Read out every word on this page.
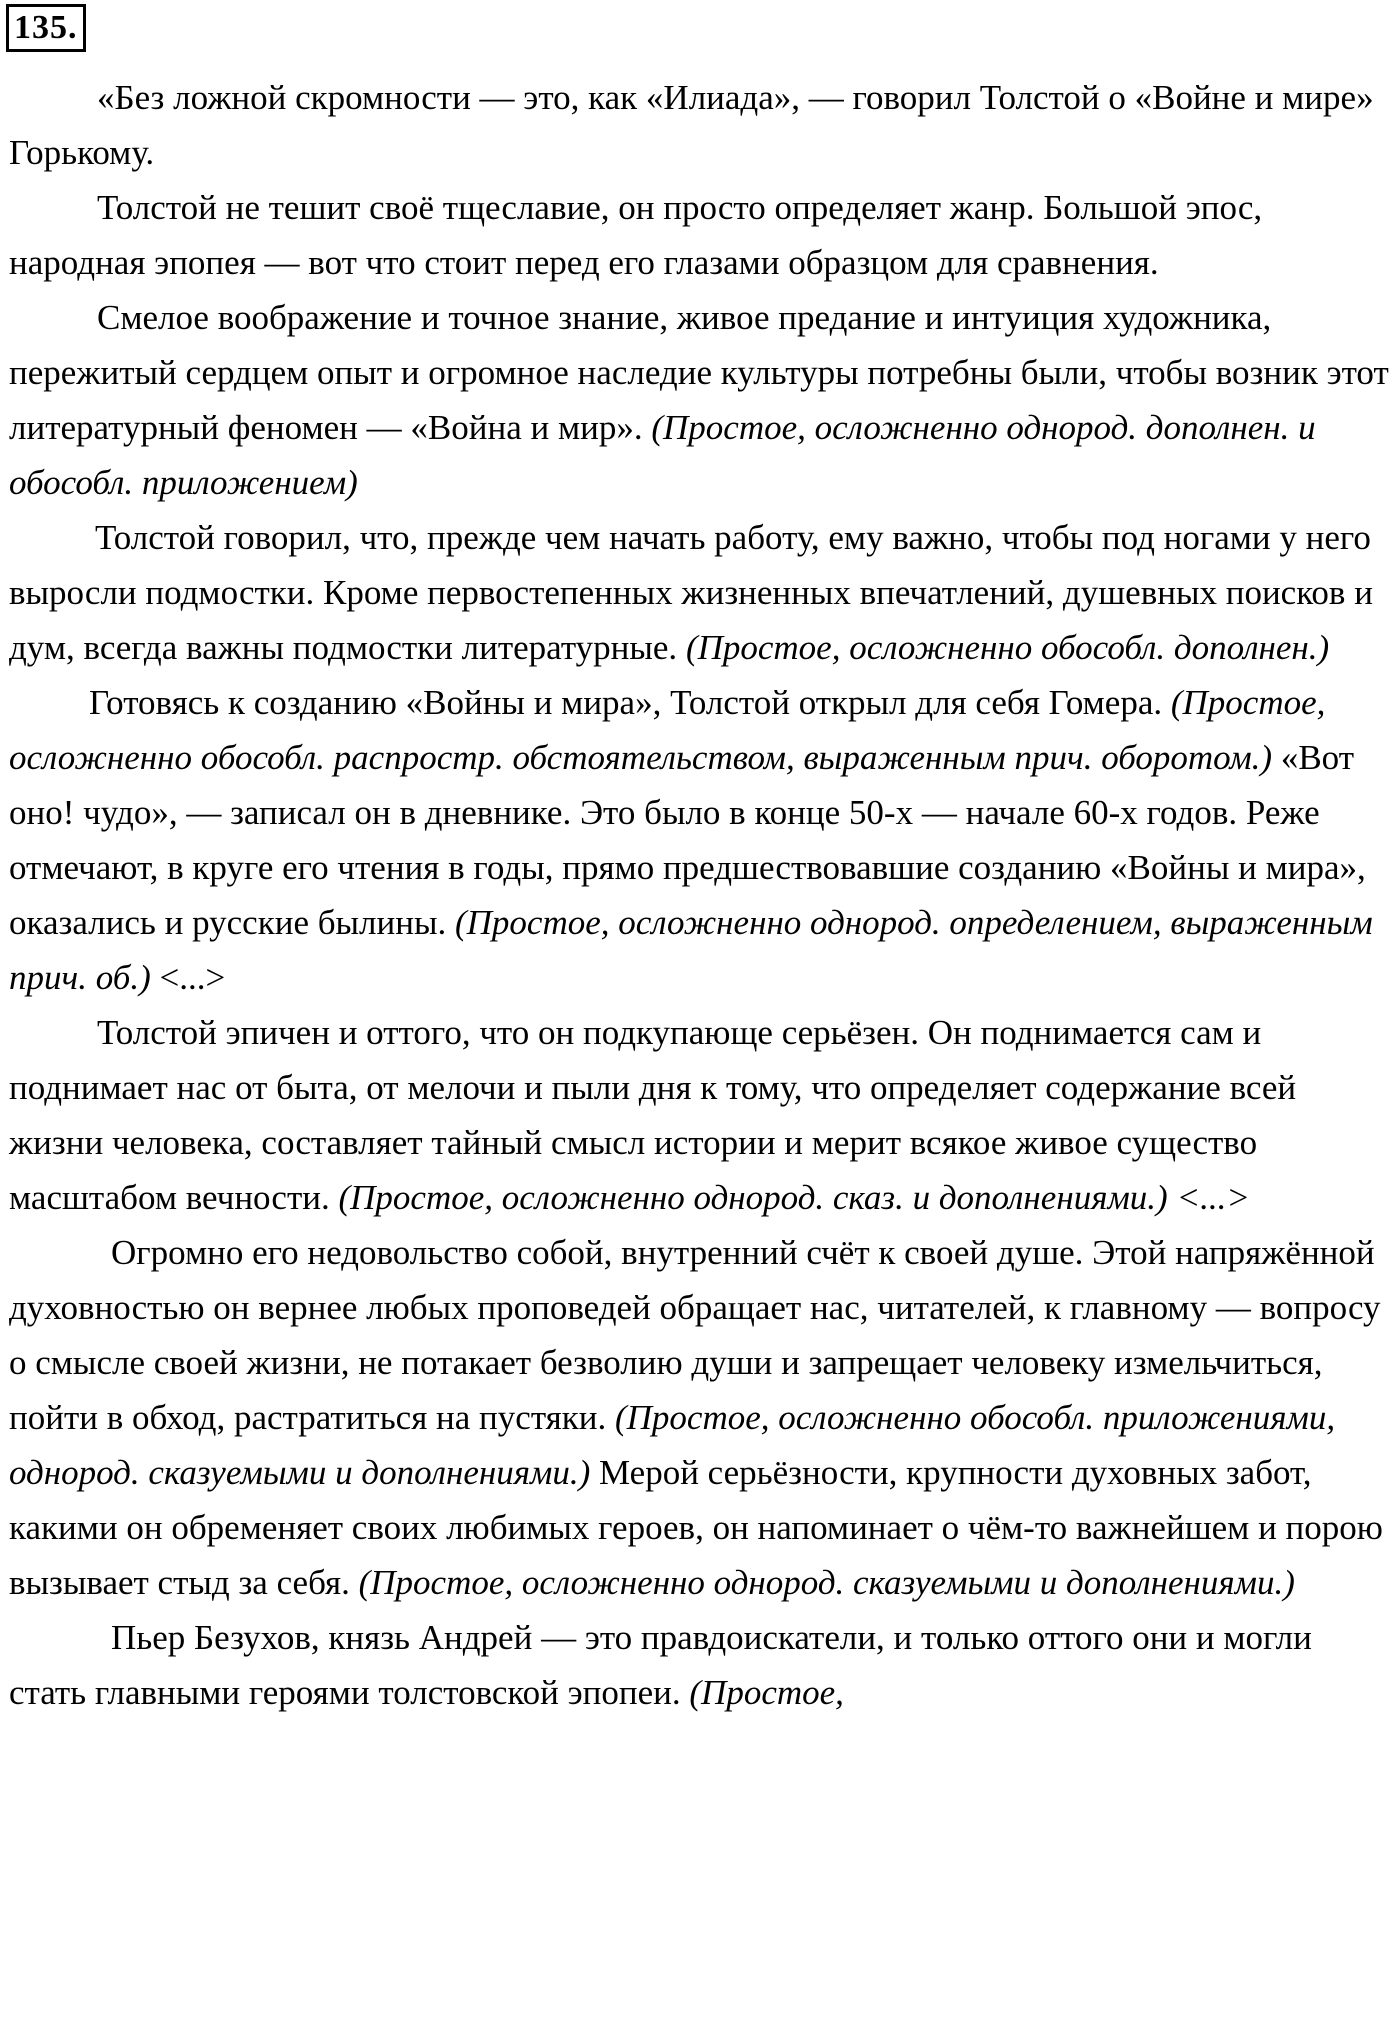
135.

«Без ложной скромности — это, как «Илиада», — говорил Толстой о «Войне и мире» Горькому.

Толстой не тешит своё тщеславие, он просто определяет жанр. Большой эпос, народная эпопея — вот что стоит перед его глазами образцом для сравнения.

Смелое воображение и точное знание, живое предание и интуиция художника, пережитый сердцем опыт и огромное наследие культуры потребны были, чтобы возник этот литературный феномен — «Война и мир». (Простое, осложненно однород. дополнен. и обособл. приложением)

Толстой говорил, что, прежде чем начать работу, ему важно, чтобы под ногами у него выросли подмостки. Кроме первостепенных жизненных впечатлений, душевных поисков и дум, всегда важны подмостки литературные. (Простое, осложненно обособл. дополнен.)

Готовясь к созданию «Войны и мира», Толстой открыл для себя Гомера. (Простое, осложненно обособл. распростр. обстоятельством, выраженным прич. оборотом.) «Вот оно! чудо», — записал он в дневнике. Это было в конце 50-х — начале 60-х годов. Реже отмечают, в круге его чтения в годы, прямо предшествовавшие созданию «Войны и мира», оказались и русские былины. (Простое, осложненно однород. определением, выраженным прич. об.) <...>

Толстой эпичен и оттого, что он подкупающе серьёзен. Он поднимается сам и поднимает нас от быта, от мелочи и пыли дня к тому, что определяет содержание всей жизни человека, составляет тайный смысл истории и мерит всякое живое существо масштабом вечности. (Простое, осложненно однород. сказ. и дополнениями.) <...>

Огромно его недовольство собой, внутренний счёт к своей душе. Этой напряжённой духовностью он вернее любых проповедей обращает нас, читателей, к главному — вопросу о смысле своей жизни, не потакает безволию души и запрещает человеку измельчиться, пойти в обход, растратиться на пустяки. (Простое, осложненно обособл. приложениями, однород. сказуемыми и дополнениями.) Мерой серьёзности, крупности духовных забот, какими он обременяет своих любимых героев, он напоминает о чём-то важнейшем и порою вызывает стыд за себя. (Простое, осложненно однород. сказуемыми и дополнениями.)

Пьер Безухов, князь Андрей — это правдоискатели, и только оттого они и могли стать главными героями толстовской эпопеи. (Простое,
